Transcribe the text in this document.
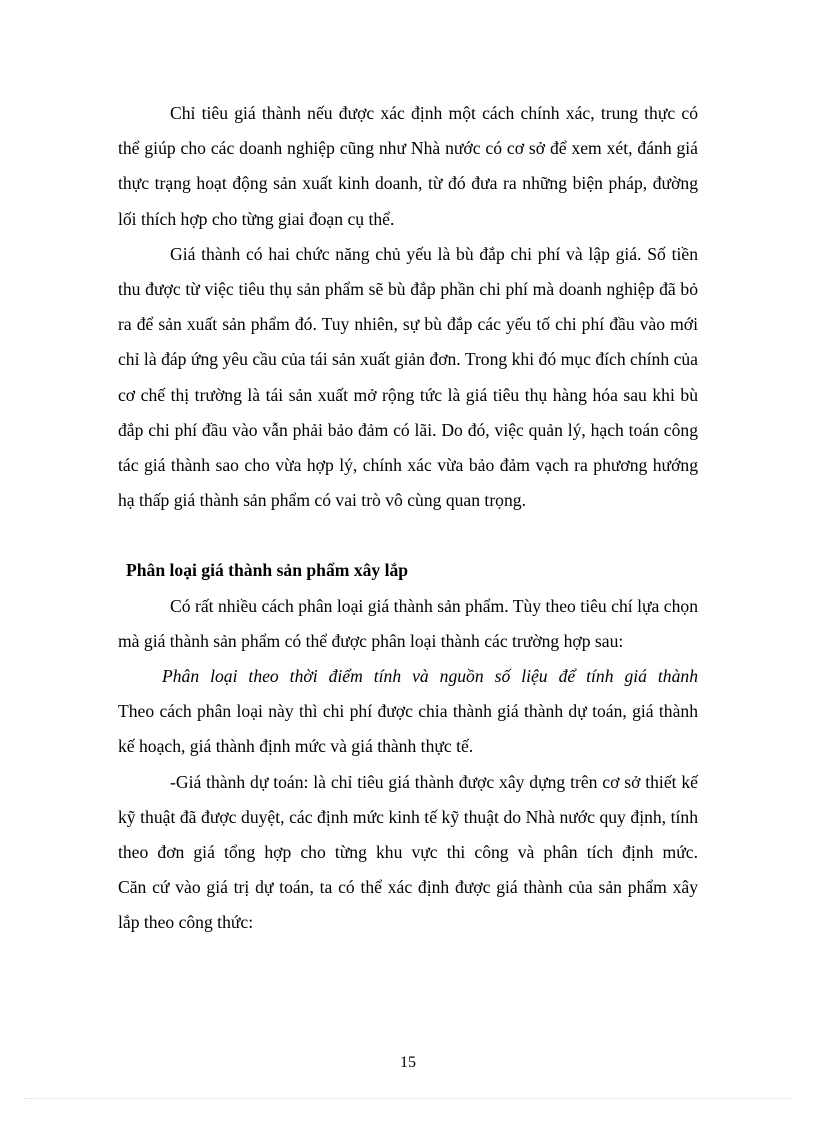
Chỉ tiêu giá thành nếu được xác định một cách chính xác, trung thực có thể giúp cho các doanh nghiệp cũng như Nhà nước có cơ sở để xem xét, đánh giá thực trạng hoạt động sản xuất kinh doanh, từ đó đưa ra những biện pháp, đường lối thích hợp cho từng giai đoạn cụ thể.

Giá thành có hai chức năng chủ yếu là bù đắp chi phí và lập giá. Số tiền thu được từ việc tiêu thụ sản phẩm sẽ bù đắp phần chi phí mà doanh nghiệp đã bỏ ra để sản xuất sản phẩm đó. Tuy nhiên, sự bù đắp các yếu tố chi phí đầu vào mới chỉ là đáp ứng yêu cầu của tái sản xuất giản đơn. Trong khi đó mục đích chính của cơ chế thị trường là tái sản xuất mở rộng tức là giá tiêu thụ hàng hóa sau khi bù đắp chi phí đầu vào vẫn phải bảo đảm có lãi. Do đó, việc quản lý, hạch toán công tác giá thành sao cho vừa hợp lý, chính xác vừa bảo đảm vạch ra phương hướng hạ thấp giá thành sản phẩm có vai trò vô cùng quan trọng.

Phân loại giá thành sản phẩm xây lắp

Có rất nhiều cách phân loại giá thành sản phẩm. Tùy theo tiêu chí lựa chọn mà giá thành sản phẩm có thể được phân loại thành các trường hợp sau:

Phân loại theo thời điểm tính và nguồn số liệu để tính giá thành

Theo cách phân loại này thì chi phí được chia thành giá thành dự toán, giá thành kế hoạch, giá thành định mức và giá thành thực tế.

-Giá thành dự toán: là chỉ tiêu giá thành được xây dựng trên cơ sở thiết kế kỹ thuật đã được duyệt, các định mức kinh tế kỹ thuật do Nhà nước quy định, tính theo đơn giá tổng hợp cho từng khu vực thi công và phân tích định mức.

Căn cứ vào giá trị dự toán, ta có thể xác định được giá thành của sản phẩm xây lắp theo công thức:

15
